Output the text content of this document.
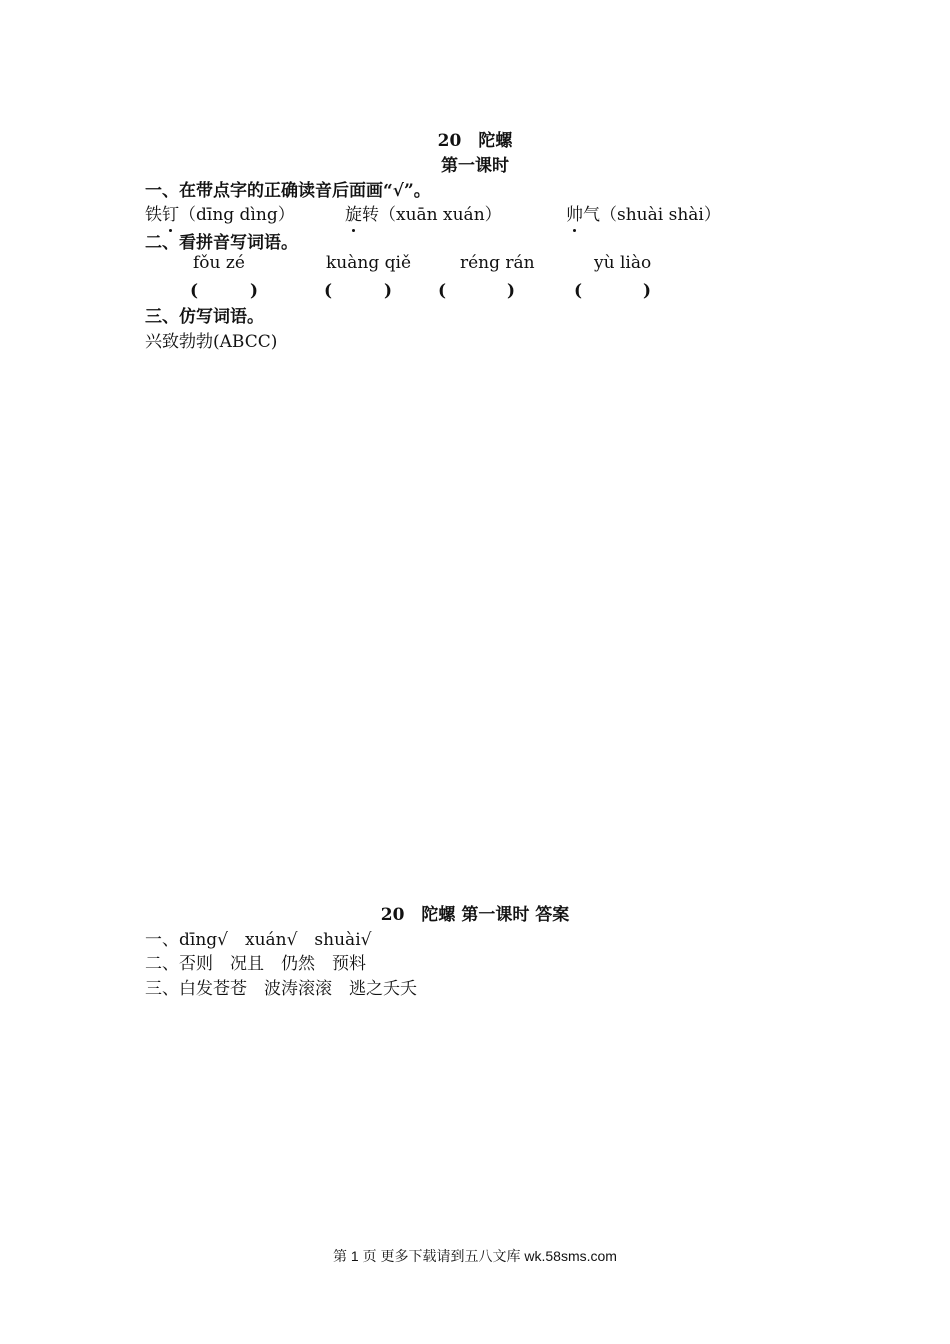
20　陀螺
第一课时
一、在带点字的正确读音后面画“√”。
铁钉（dīng dìng）	旋转（xuān xuán）	帅气（shuài shài）
二、看拼音写词语。
fǒu zé	kuàng qiě	réng rán	yù liào
(　　)	(　　) (　　)	(　　)
三、仿写词语。
兴致勃勃(ABCC)
20　陀螺 第一课时 答案
一、dīng√　xuán√　shuài√
二、否则　况且　仍然　预料
三、白发苍苍　波涛滚滚　逃之夭夭
第 1 页 更多下载请到五八文库 wk.58sms.com
